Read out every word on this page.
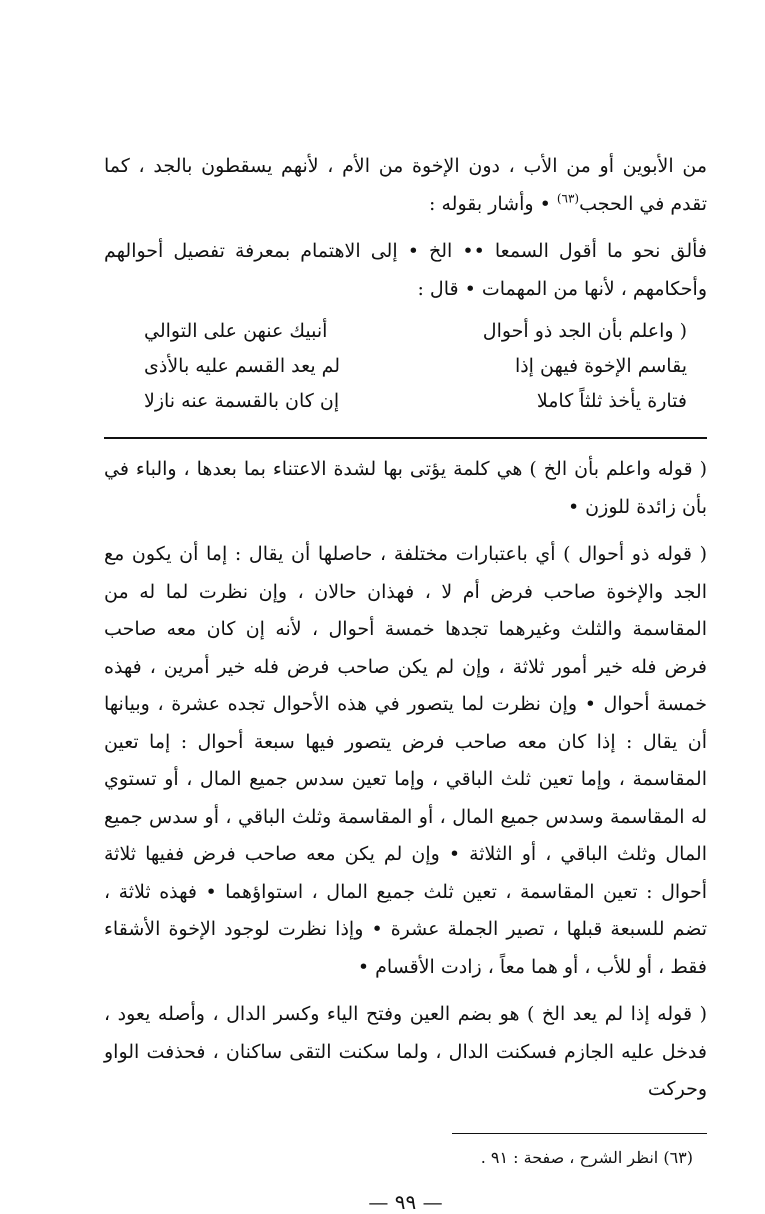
من الأبوين أو من الأب ، دون الإخوة من الأم ، لأنهم يسقطون بالجد ، كما تقدم في الحجب$^{(٦٣)}$ • وأشار بقوله :

فألق نحو ما أقول السمعا •• الخ • إلى الاهتمام بمعرفة تفصيل أحوالهم وأحكامهم ، لأنها من المهمات • قال :

( واعلم بأن الجد ذو أحوال
أنبيك عنهن على التوالي
يقاسم الإخوة فيهن إذا
لم يعد القسم عليه بالأذى
فتارة يأخذ ثلثاً كاملا
إن كان بالقسمة عنه نازلا

( قوله واعلم بأن الخ ) هي كلمة يؤتى بها لشدة الاعتناء بما بعدها ، والباء في بأن زائدة للوزن •

( قوله ذو أحوال ) أي باعتبارات مختلفة ، حاصلها أن يقال : إما أن يكون مع الجد والإخوة صاحب فرض أم لا ، فهذان حالان ، وإن نظرت لما له من المقاسمة والثلث وغيرهما تجدها خمسة أحوال ، لأنه إن كان معه صاحب فرض فله خير أمور ثلاثة ، وإن لم يكن صاحب فرض فله خير أمرين ، فهذه خمسة أحوال • وإن نظرت لما يتصور في هذه الأحوال تجده عشرة ، وبيانها أن يقال : إذا كان معه صاحب فرض يتصور فيها سبعة أحوال : إما تعين المقاسمة ، وإما تعين ثلث الباقي ، وإما تعين سدس جميع المال ، أو تستوي له المقاسمة وسدس جميع المال ، أو المقاسمة وثلث الباقي ، أو سدس جميع المال وثلث الباقي ، أو الثلاثة • وإن لم يكن معه صاحب فرض ففيها ثلاثة أحوال : تعين المقاسمة ، تعين ثلث جميع المال ، استواؤهما • فهذه ثلاثة ، تضم للسبعة قبلها ، تصير الجملة عشرة • وإذا نظرت لوجود الإخوة الأشقاء فقط ، أو للأب ، أو هما معاً ، زادت الأقسام •

( قوله إذا لم يعد الخ ) هو بضم العين وفتح الياء وكسر الدال ، وأصله يعود ، فدخل عليه الجازم فسكنت الدال ، ولما سكنت التقى ساكنان ، فحذفت الواو وحركت

(٦٣) انظر الشرح ، صفحة : ٩١ .
— ٩٩ —
